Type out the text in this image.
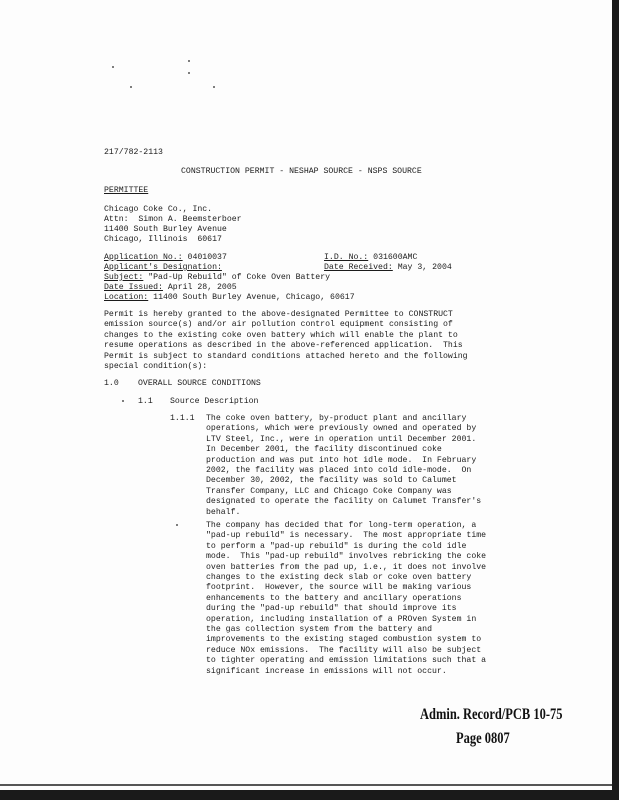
217/782-2113
CONSTRUCTION PERMIT - NESHAP SOURCE - NSPS SOURCE
PERMITTEE
Chicago Coke Co., Inc.
Attn:  Simon A. Beemsterboer
11400 South Burley Avenue
Chicago, Illinois  60617
Application No.: 04010037	I.D. No.: 031600AMC
Applicant's Designation:	Date Received: May 3, 2004
Subject: "Pad-Up Rebuild" of Coke Oven Battery
Date Issued: April 28, 2005
Location: 11400 South Burley Avenue, Chicago, 60617
Permit is hereby granted to the above-designated Permittee to CONSTRUCT
emission source(s) and/or air pollution control equipment consisting of
changes to the existing coke oven battery which will enable the plant to
resume operations as described in the above-referenced application.  This
Permit is subject to standard conditions attached hereto and the following
special condition(s):
1.0 OVERALL SOURCE CONDITIONS
1.1 Source Description
1.1.1 The coke oven battery, by-product plant and ancillary
operations, which were previously owned and operated by
LTV Steel, Inc., were in operation until December 2001.
In December 2001, the facility discontinued coke
production and was put into hot idle mode.  In February
2002, the facility was placed into cold idle-mode.  On
December 30, 2002, the facility was sold to Calumet
Transfer Company, LLC and Chicago Coke Company was
designated to operate the facility on Calumet Transfer's
behalf.
The company has decided that for long-term operation, a
"pad-up rebuild" is necessary.  The most appropriate time
to perform a "pad-up rebuild" is during the cold idle
mode.  This "pad-up rebuild" involves rebricking the coke
oven batteries from the pad up, i.e., it does not involve
changes to the existing deck slab or coke oven battery
footprint.  However, the source will be making various
enhancements to the battery and ancillary operations
during the "pad-up rebuild" that should improve its
operation, including installation of a PROven System in
the gas collection system from the battery and
improvements to the existing staged combustion system to
reduce NOx emissions.  The facility will also be subject
to tighter operating and emission limitations such that a
significant increase in emissions will not occur.
Admin. Record/PCB 10-75
Page 0807
